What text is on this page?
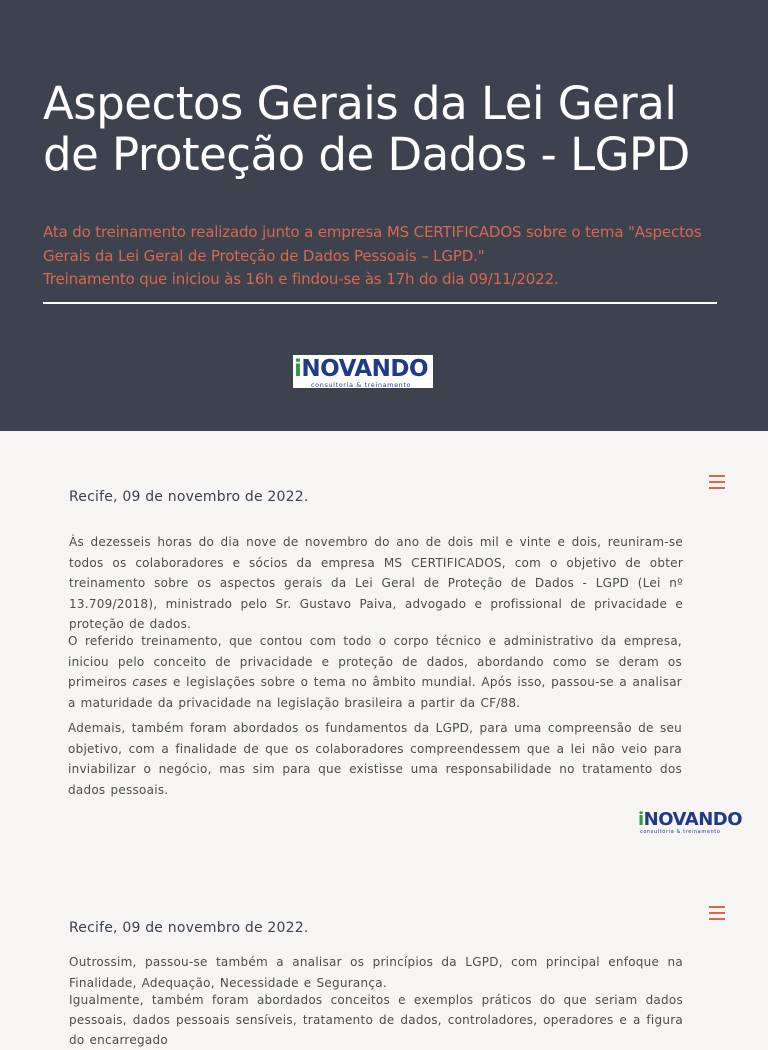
Aspectos Gerais da Lei Geral de Proteção de Dados - LGPD
Ata do treinamento realizado junto a empresa MS CERTIFICADOS sobre o tema "Aspectos
Gerais da Lei Geral de Proteção de Dados Pessoais – LGPD."
Treinamento que iniciou às 16h e findou-se às 17h do dia 09/11/2022.
iNOVANDO
consultoria & treinamento
Recife, 09 de novembro de 2022.
Às dezesseis horas do dia nove de novembro do ano de dois mil e vinte e dois, reuniram-se todos os colaboradores e sócios da empresa MS CERTIFICADOS, com o objetivo de obter treinamento sobre os aspectos gerais da Lei Geral de Proteção de Dados - LGPD (Lei nº 13.709/2018), ministrado pelo Sr. Gustavo Paiva, advogado e profissional de privacidade e proteção de dados.
O referido treinamento, que contou com todo o corpo técnico e administrativo da empresa, iniciou pelo conceito de privacidade e proteção de dados, abordando como se deram os primeiros cases e legislações sobre o tema no âmbito mundial. Após isso, passou-se a analisar a maturidade da privacidade na legislação brasileira a partir da CF/88.
Ademais, também foram abordados os fundamentos da LGPD, para uma compreensão de seu objetivo, com a finalidade de que os colaboradores compreendessem que a lei não veio para inviabilizar o negócio, mas sim para que existisse uma responsabilidade no tratamento dos dados pessoais.
iNOVANDO
consultoria & treinamento
Recife, 09 de novembro de 2022.
Outrossim, passou-se também a analisar os princípios da LGPD, com principal enfoque na Finalidade, Adequação, Necessidade e Segurança.
Igualmente, também foram abordados conceitos e exemplos práticos do que seriam dados pessoais, dados pessoais sensíveis, tratamento de dados, controladores, operadores e a figura do encarregado
